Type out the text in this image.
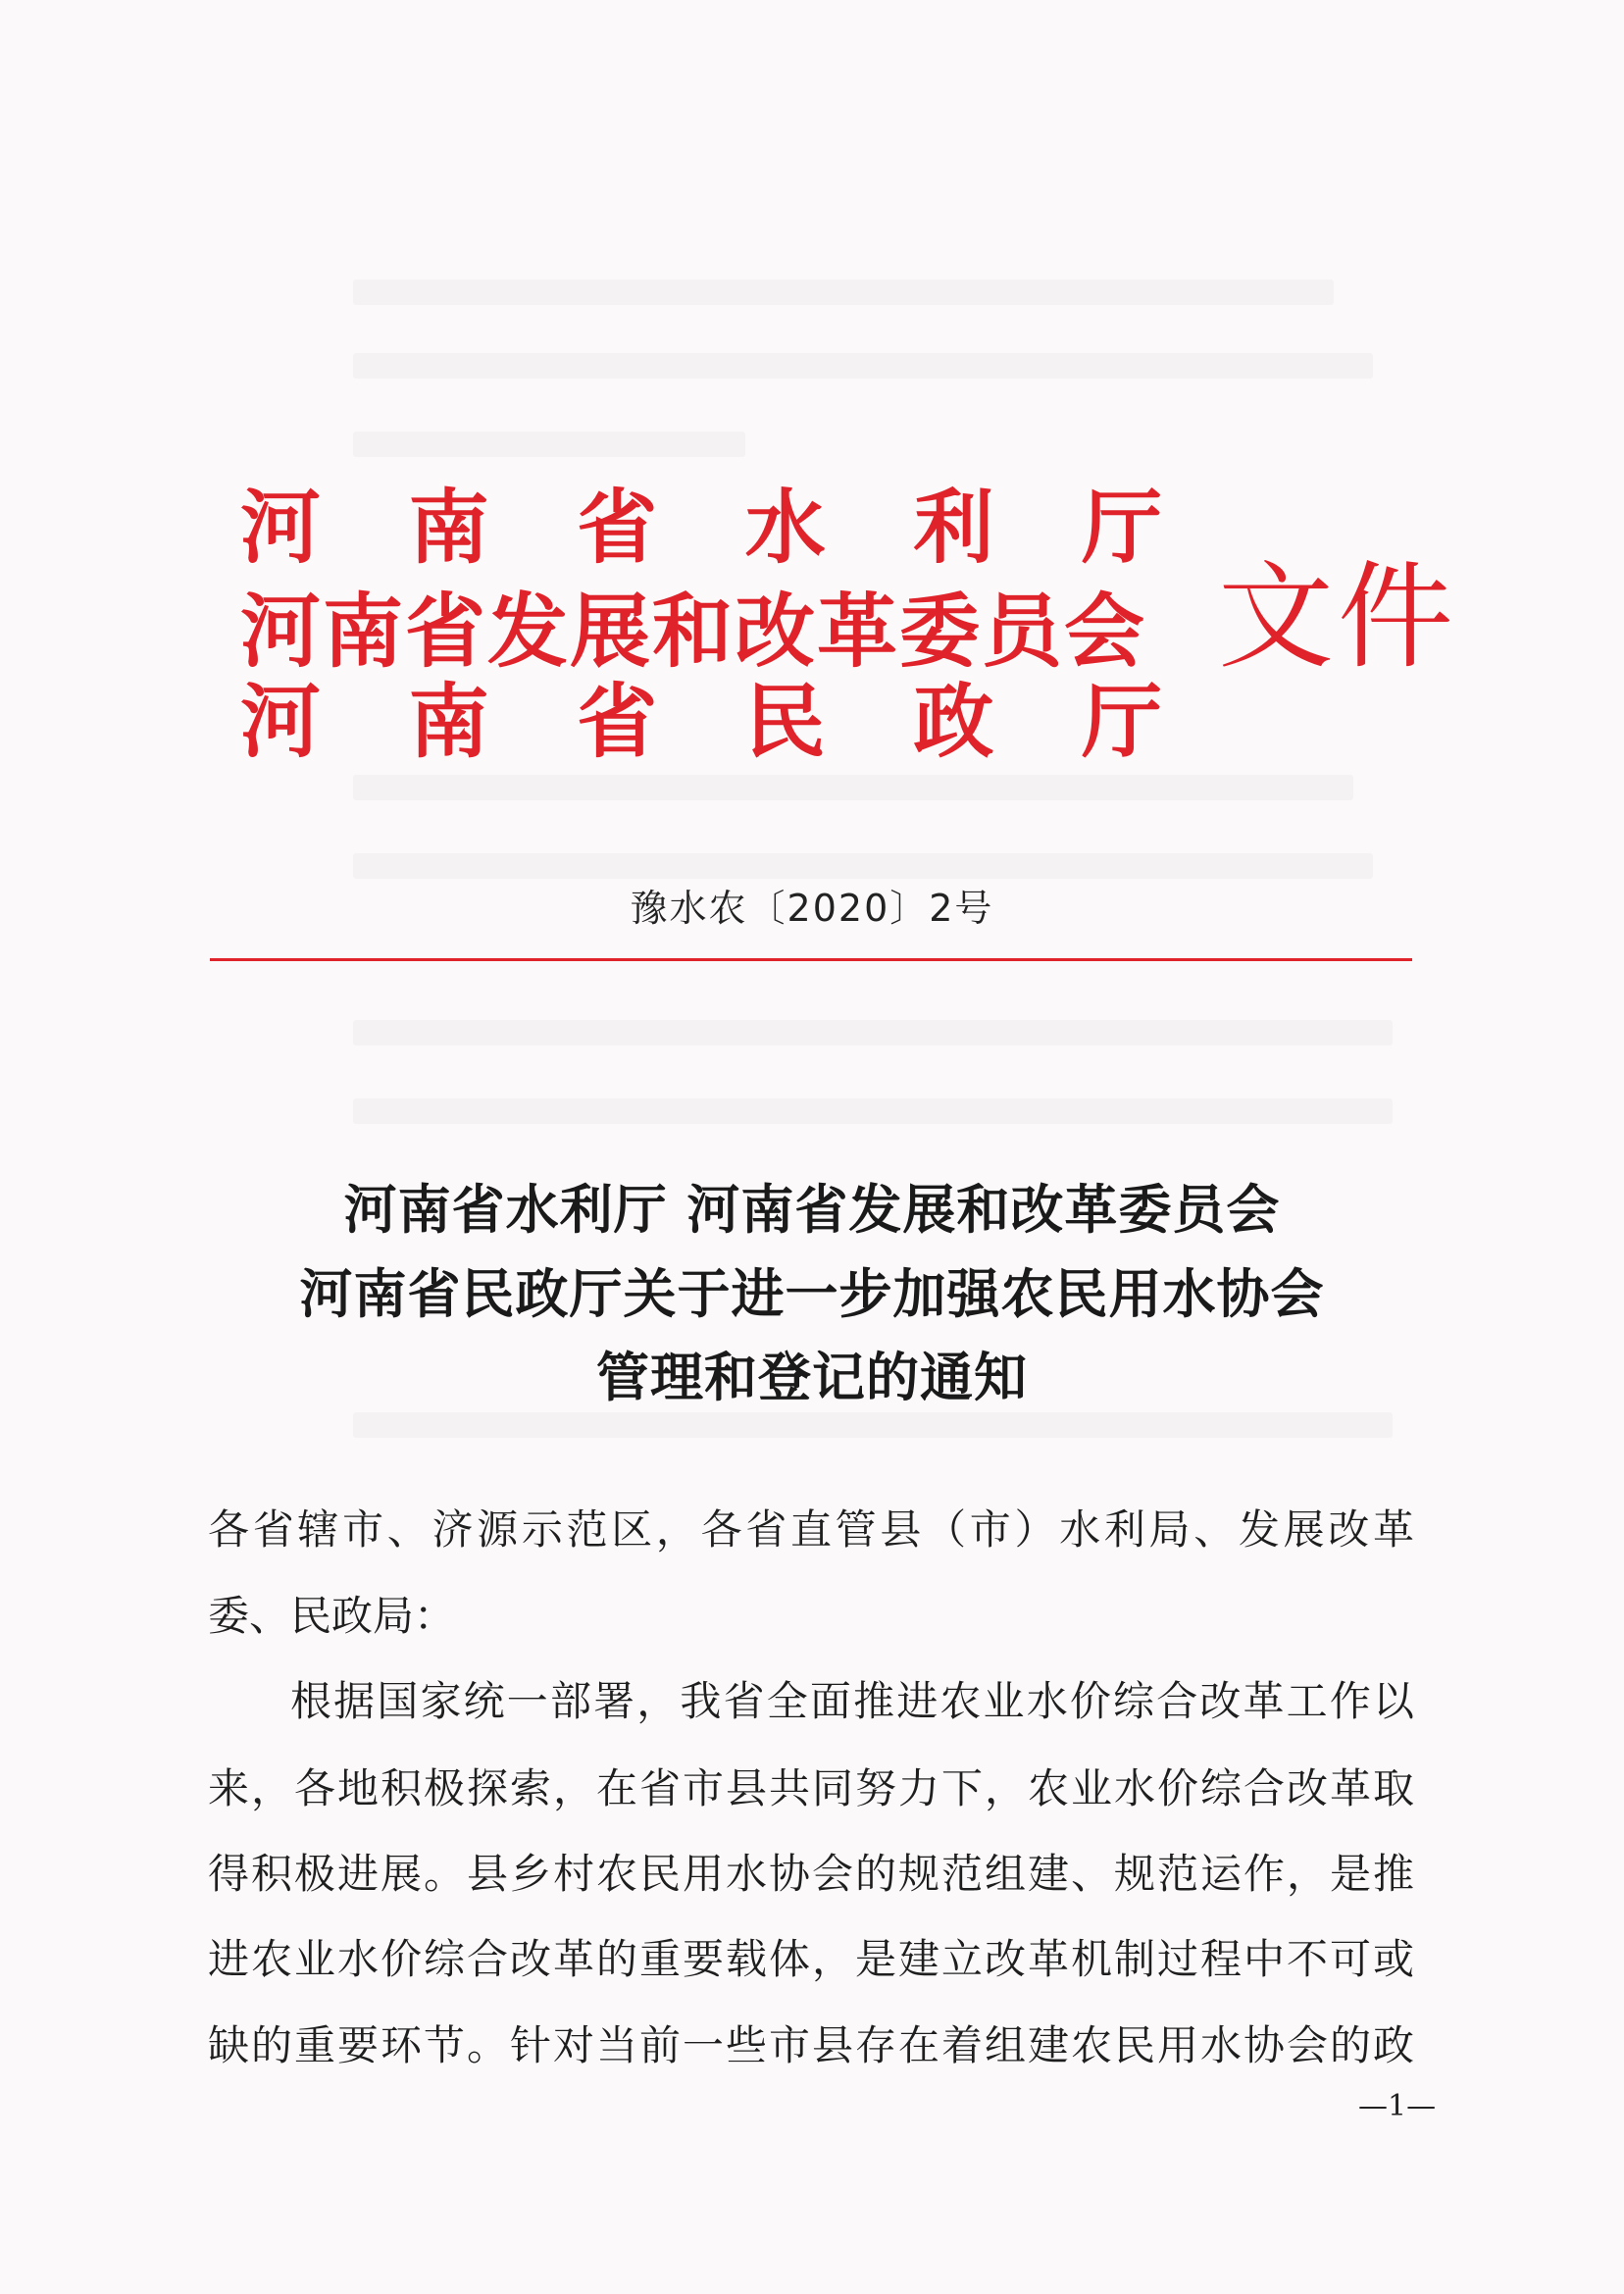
河 南 省 水 利 厅
河南省发展和改革委员会
河 南 省 民 政 厅
文件
豫水农〔2020〕2号
河南省水利厅 河南省发展和改革委员会
河南省民政厅关于进一步加强农民用水协会
管理和登记的通知
各省辖市、济源示范区，各省直管县（市）水利局、发展改革
委、民政局：
根据国家统一部署，我省全面推进农业水价综合改革工作以
来，各地积极探索，在省市县共同努力下，农业水价综合改革取
得积极进展。县乡村农民用水协会的规范组建、规范运作，是推
进农业水价综合改革的重要载体，是建立改革机制过程中不可或
缺的重要环节。针对当前一些市县存在着组建农民用水协会的政
—1—
